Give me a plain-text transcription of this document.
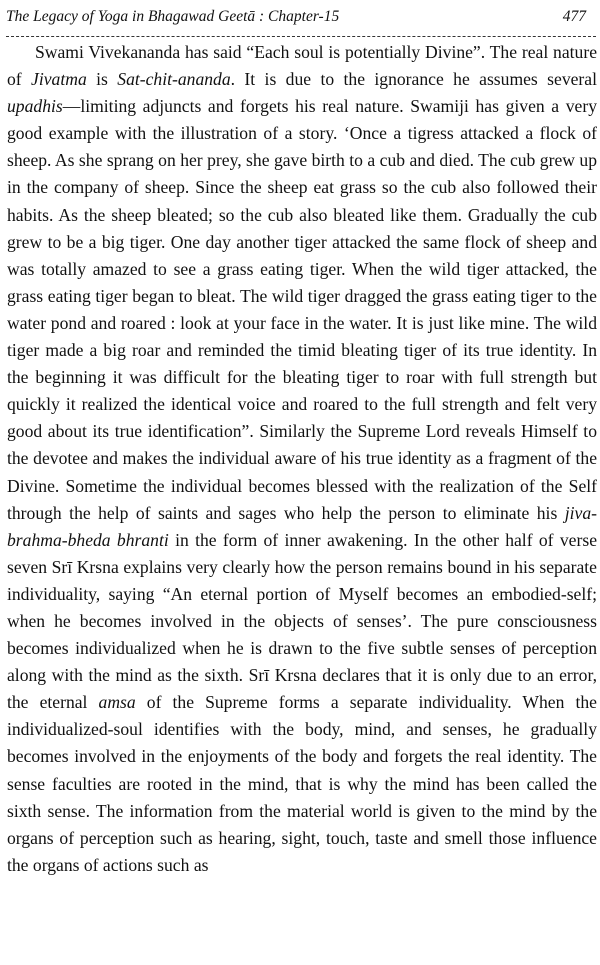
The Legacy of Yoga in Bhagawad Geetā : Chapter-15	477

Swami Vivekananda has said “Each soul is potentially Divine”. The real nature of Jivatma is Sat-chit-ananda. It is due to the ignorance he assumes several upadhis—limiting adjuncts and forgets his real nature. Swamiji has given a very good example with the illustration of a story. ‘Once a tigress attacked a flock of sheep. As she sprang on her prey, she gave birth to a cub and died. The cub grew up in the company of sheep. Since the sheep eat grass so the cub also followed their habits. As the sheep bleated; so the cub also bleated like them. Gradually the cub grew to be a big tiger. One day another tiger attacked the same flock of sheep and was totally amazed to see a grass eating tiger. When the wild tiger attacked, the grass eating tiger began to bleat. The wild tiger dragged the grass eating tiger to the water pond and roared : look at your face in the water. It is just like mine. The wild tiger made a big roar and reminded the timid bleating tiger of its true identity. In the beginning it was difficult for the bleating tiger to roar with full strength but quickly it realized the identical voice and roared to the full strength and felt very good about its true identification”. Similarly the Supreme Lord reveals Himself to the devotee and makes the individual aware of his true identity as a fragment of the Divine. Sometime the individual becomes blessed with the realization of the Self through the help of saints and sages who help the person to eliminate his jiva-brahma-bheda bhranti in the form of inner awakening. In the other half of verse seven Srī Krsna explains very clearly how the person remains bound in his separate individuality, saying “An eternal portion of Myself becomes an embodied-self; when he becomes involved in the objects of senses’. The pure consciousness becomes individualized when he is drawn to the five subtle senses of perception along with the mind as the sixth. Srī Krsna declares that it is only due to an error, the eternal amsa of the Supreme forms a separate individuality. When the individualized-soul identifies with the body, mind, and senses, he gradually becomes involved in the enjoyments of the body and forgets the real identity. The sense faculties are rooted in the mind, that is why the mind has been called the sixth sense. The information from the material world is given to the mind by the organs of perception such as hearing, sight, touch, taste and smell those influence the organs of actions such as
